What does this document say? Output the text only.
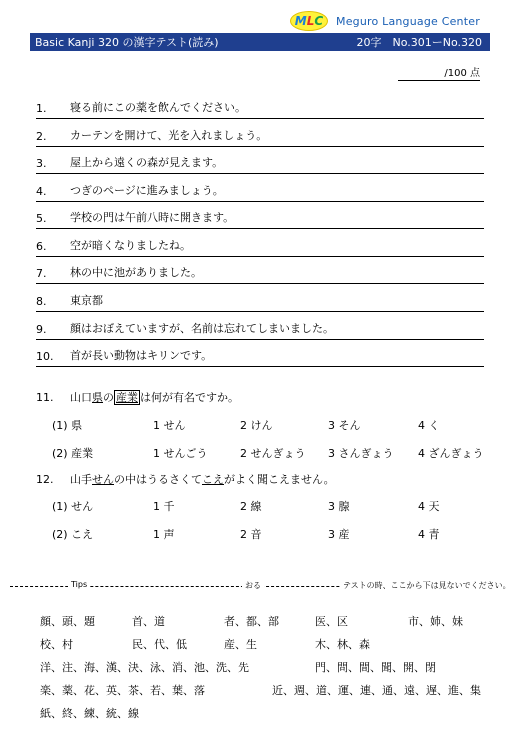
M L C Meguro Language Center
Basic Kanji 320 の漢字テスト(読み)	20字　No.301ーNo.320
/100 点
1.	寝る前にこの薬を飲んでください。
2.	カーテンを開けて、光を入れましょう。
3.	屋上から遠くの森が見えます。
4.	つぎのページに進みましょう。
5.	学校の門は午前八時に開きます。
6.	空が暗くなりましたね。
7.	林の中に池がありました。
8.	東京都
9.	顔はおぼえていますが、名前は忘れてしまいました。
10.	首が長い動物はキリンです。
11. 山口県の 産業 は何が有名ですか。
(1) 県	1 せん	2 けん	3 そん	4 く
(2) 産業	1 せんごう	2 せんぎょう 3 さんぎょう 4 ざんぎょう
12. 山手せんの中はうるさくてこえがよく聞こえません。
(1) せん	1 千	2 線	3 腺	4 天
(2) こえ	1 声	2 音	3 産	4 青
Tips	おる	テストの時、ここから下は見ないでください。
顔、頭、題	首、道	者、都、部	医、区	市、姉、妹
校、村	民、代、低	産、生	木、林、森
洋、注、海、漢、決、泳、消、池、洗、先	門、問、間、聞、開、閉
楽、薬、花、英、茶、若、葉、落	近、週、道、運、連、通、遠、遅、進、集
紙、終、練、統、線
